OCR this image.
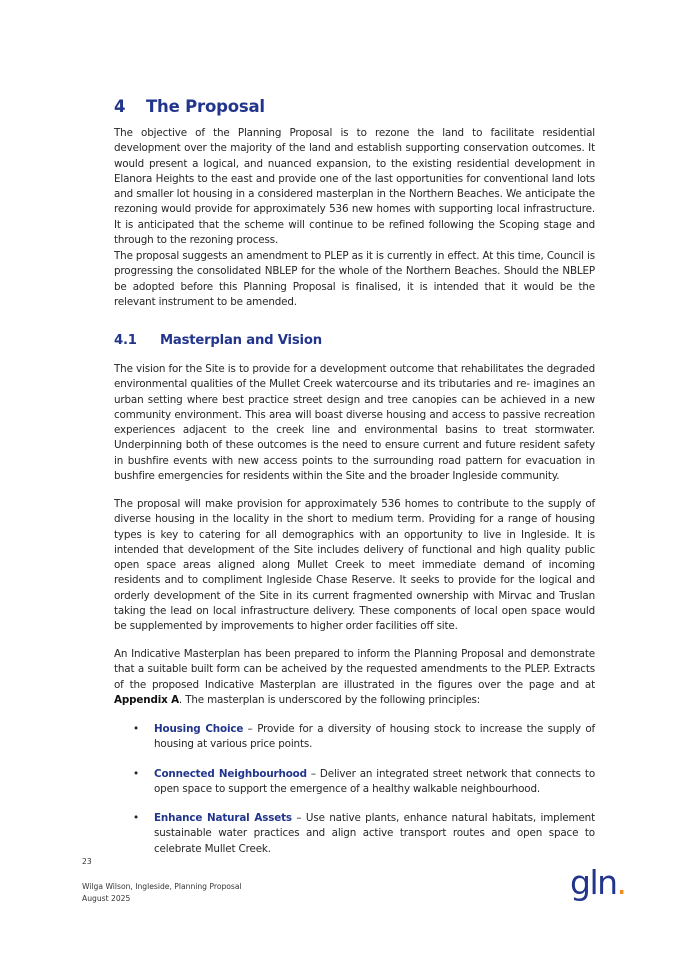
4 The Proposal

The objective of the Planning Proposal is to rezone the land to facilitate residential development over the majority of the land and establish supporting conservation outcomes. It would present a logical, and nuanced expansion, to the existing residential development in Elanora Heights to the east and provide one of the last opportunities for conventional land lots and smaller lot housing in a considered masterplan in the Northern Beaches. We anticipate the rezoning would provide for approximately 536 new homes with supporting local infrastructure. It is anticipated that the scheme will continue to be refined following the Scoping stage and through to the rezoning process.

The proposal suggests an amendment to PLEP as it is currently in effect. At this time, Council is progressing the consolidated NBLEP for the whole of the Northern Beaches. Should the NBLEP be adopted before this Planning Proposal is finalised, it is intended that it would be the relevant instrument to be amended.

4.1 Masterplan and Vision

The vision for the Site is to provide for a development outcome that rehabilitates the degraded environmental qualities of the Mullet Creek watercourse and its tributaries and re- imagines an urban setting where best practice street design and tree canopies can be achieved in a new community environment. This area will boast diverse housing and access to passive recreation experiences adjacent to the creek line and environmental basins to treat stormwater. Underpinning both of these outcomes is the need to ensure current and future resident safety in bushfire events with new access points to the surrounding road pattern for evacuation in bushfire emergencies for residents within the Site and the broader Ingleside community.

The proposal will make provision for approximately 536 homes to contribute to the supply of diverse housing in the locality in the short to medium term. Providing for a range of housing types is key to catering for all demographics with an opportunity to live in Ingleside. It is intended that development of the Site includes delivery of functional and high quality public open space areas aligned along Mullet Creek to meet immediate demand of incoming residents and to compliment Ingleside Chase Reserve. It seeks to provide for the logical and orderly development of the Site in its current fragmented ownership with Mirvac and Truslan taking the lead on local infrastructure delivery. These components of local open space would be supplemented by improvements to higher order facilities off site.

An Indicative Masterplan has been prepared to inform the Planning Proposal and demonstrate that a suitable built form can be acheived by the requested amendments to the PLEP. Extracts of the proposed Indicative Masterplan are illustrated in the figures over the page and at Appendix A. The masterplan is underscored by the following principles:

• Housing Choice – Provide for a diversity of housing stock to increase the supply of housing at various price points.
• Connected Neighbourhood – Deliver an integrated street network that connects to open space to support the emergence of a healthy walkable neighbourhood.
• Enhance Natural Assets – Use native plants, enhance natural habitats, implement sustainable water practices and align active transport routes and open space to celebrate Mullet Creek.
23
Wilga Wilson, Ingleside, Planning Proposal
August 2025	gln.
